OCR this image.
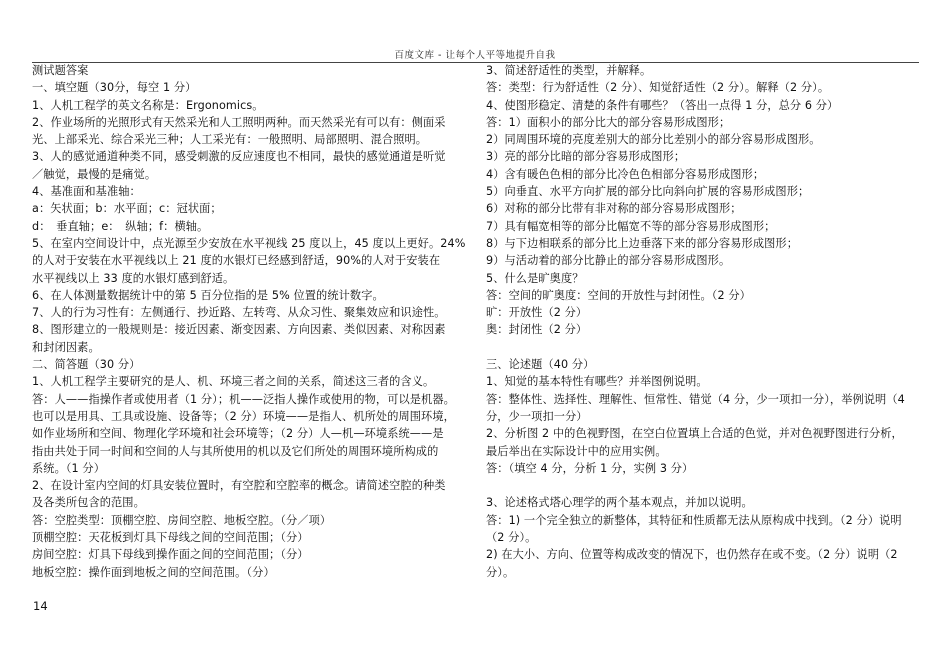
百度文库 - 让每个人平等地提升自我
测试题答案
一、填空题（30分，每空 1 分）
1、人机工程学的英文名称是：Ergonomics。
2、作业场所的光照形式有天然采光和人工照明两种。而天然采光有可以有：侧面采
光、上部采光、综合采光三种；人工采光有：一般照明、局部照明、混合照明。
3、人的感觉通道种类不同，感受刺激的反应速度也不相同，最快的感觉通道是听觉
／触觉，最慢的是痛觉。
4、基准面和基准轴：
a：矢状面；b：水平面；c：冠状面；
d：　垂直轴；e：　纵轴；f：横轴。
5、在室内空间设计中，点光源至少安放在水平视线 25 度以上，45 度以上更好。24%
的人对于安装在水平视线以上 21 度的水银灯已经感到舒适，90%的人对于安装在
水平视线以上 33 度的水银灯感到舒适。
6、在人体测量数据统计中的第 5 百分位指的是 5% 位置的统计数字。
7、人的行为习性有：左侧通行、抄近路、左转弯、从众习性、聚集效应和识途性。
8、图形建立的一般规则是：接近因素、渐变因素、方向因素、类似因素、对称因素
和封闭因素。
二、简答题（30 分）
1、人机工程学主要研究的是人、机、环境三者之间的关系，简述这三者的含义。
答：人——指操作者或使用者（1 分）；机——泛指人操作或使用的物，可以是机器。
也可以是用具、工具或设施、设备等；（2 分）环境——是指人、机所处的周围环境，
如作业场所和空间、物理化学环境和社会环境等；（2 分）人—机—环境系统——是
指由共处于同一时间和空间的人与其所使用的机以及它们所处的周围环境所构成的
系统。（1 分）
2、在设计室内空间的灯具安装位置时，有空腔和空腔率的概念。请简述空腔的种类
及各类所包含的范围。
答：空腔类型：顶棚空腔、房间空腔、地板空腔。（分／项）
顶棚空腔：天花板到灯具下母线之间的空间范围；（分）
房间空腔：灯具下母线到操作面之间的空间范围；（分）
地板空腔：操作面到地板之间的空间范围。（分）
3、简述舒适性的类型，并解释。
答：类型：行为舒适性（2 分）、知觉舒适性（2 分）。解释（2 分）。
4、使图形稳定、清楚的条件有哪些？（答出一点得 1 分，总分 6 分）
答：1）面积小的部分比大的部分容易形成图形；
2）同周围环境的亮度差别大的部分比差别小的部分容易形成图形。
3）亮的部分比暗的部分容易形成图形；
4）含有暖色色相的部分比冷色色相部分容易形成图形；
5）向垂直、水平方向扩展的部分比向斜向扩展的容易形成图形；
6）对称的部分比带有非对称的部分容易形成图形；
7）具有幅宽相等的部分比幅宽不等的部分容易形成图形；
8）与下边相联系的部分比上边垂落下来的部分容易形成图形；
9）与活动着的部分比静止的部分容易形成图形。
5、什么是旷奥度？
答：空间的旷奥度：空间的开放性与封闭性。（2 分）
旷：开放性（2 分）
奥：封闭性（2 分）
三、论述题（40 分）
1、知觉的基本特性有哪些？并举图例说明。
答：整体性、选择性、理解性、恒常性、错觉（4 分，少一项扣一分），举例说明（4
分，少一项扣一分）
2、分析图 2 中的色视野图，在空白位置填上合适的色觉，并对色视野图进行分析，
最后举出在实际设计中的应用实例。
答：（填空 4 分，分析 1 分，实例 3 分）
3、论述格式塔心理学的两个基本观点，并加以说明。
答：1) 一个完全独立的新整体，其特征和性质都无法从原构成中找到。（2 分）说明
（2 分）。
2) 在大小、方向、位置等构成改变的情况下，也仍然存在或不变。（2 分）说明（2
分）。
14
